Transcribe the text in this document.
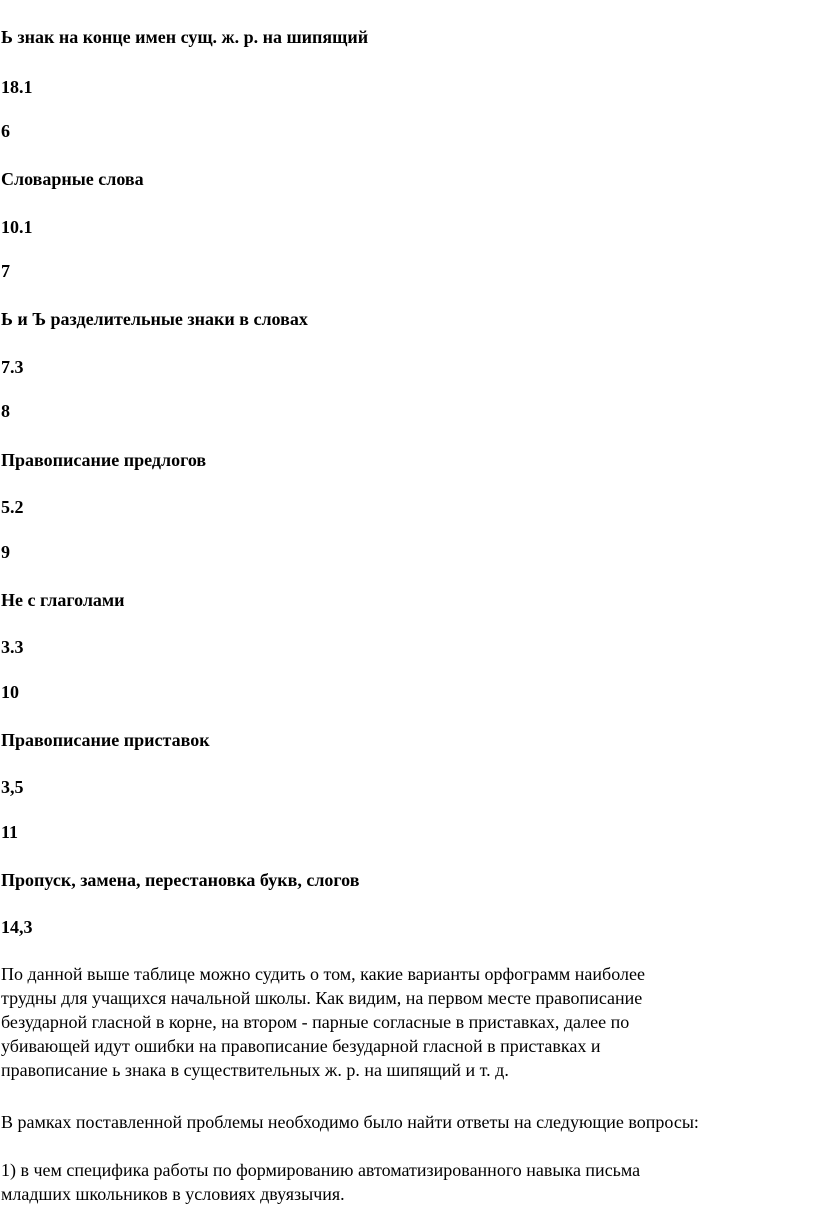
Ь знак на конце имен сущ. ж. р. на шипящий

18.1

6

Словарные слова

10.1

7

Ь и Ъ разделительные знаки в словах

7.3

8

Правописание предлогов

5.2

9

Не с глаголами

3.3

10

Правописание приставок

3,5

11

Пропуск, замена, перестановка букв, слогов

14,3

По данной выше таблице можно судить о том, какие варианты орфограмм наиболее
трудны для учащихся начальной школы. Как видим, на первом месте правописание
безударной гласной в корне, на втором - парные согласные в приставках, далее по
убивающей идут ошибки на правописание безударной гласной в приставках и
правописание ь знака в существительных ж. р. на шипящий и т. д.
В рамках поставленной проблемы необходимо было найти ответы на следующие вопросы:
1) в чем специфика работы по формированию автоматизированного навыка письма
младших школьников в условиях двуязычия.
